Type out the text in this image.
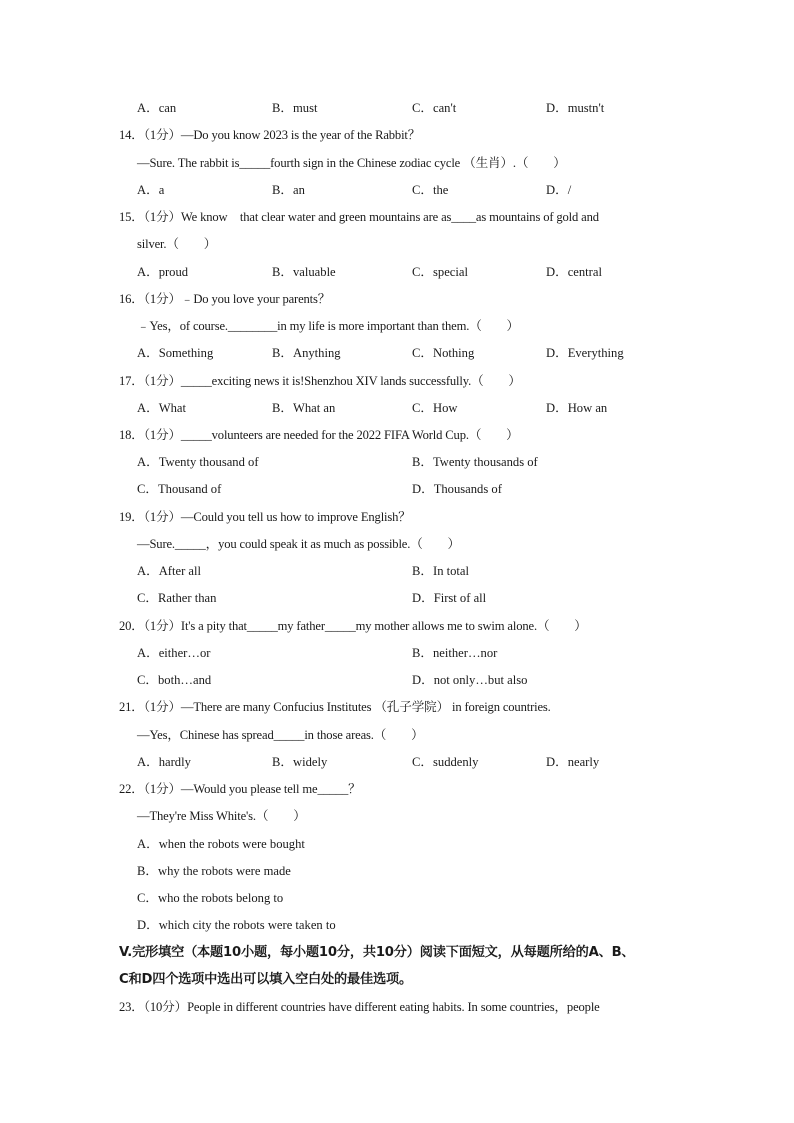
A．can	B．must	C．can't	D．mustn't
14．（1分）—Do you know 2023 is the year of the Rabbit？
—Sure. The rabbit is_____fourth sign in the Chinese zodiac cycle （生肖）.（　　）
A．a	B．an	C．the	D．/
15．（1分）We know　that clear water and green mountains are as____as mountains of gold and
silver.（　　）
A．proud	B．valuable	C．special	D．central
16．（1分）﹣Do you love your parents？
﹣Yes，of course.________in my life is more important than them.（　　）
A．Something	B．Anything	C．Nothing	D．Everything
17．（1分）_____exciting news it is!Shenzhou XIV lands successfully.（　　）
A．What	B．What an	C．How	D．How an
18．（1分）_____volunteers are needed for the 2022 FIFA World Cup.（　　）
A．Twenty thousand of	B．Twenty thousands of
C．Thousand of	D．Thousands of
19．（1分）—Could you tell us how to improve English？
—Sure._____，you could speak it as much as possible.（　　）
A．After all	B．In total
C．Rather than	D．First of all
20．（1分）It's a pity that_____my father_____my mother allows me to swim alone.（　　）
A．either…or	B．neither…nor
C．both…and	D．not only…but also
21．（1分）—There are many Confucius Institutes （孔子学院） in foreign countries.
—Yes，Chinese has spread_____in those areas.（　　）
A．hardly	B．widely	C．suddenly	D．nearly
22．（1分）—Would you please tell me_____？
—They're Miss White's.（　　）
A．when the robots were bought
B．why the robots were made
C．who the robots belong to
D．which city the robots were taken to
V.完形填空（本题10小题，每小题10分，共10分）阅读下面短文，从每题所给的A、B、
C和D四个选项中选出可以填入空白处的最佳选项。
23．（10分）People in different countries have different eating habits. In some countries，people
